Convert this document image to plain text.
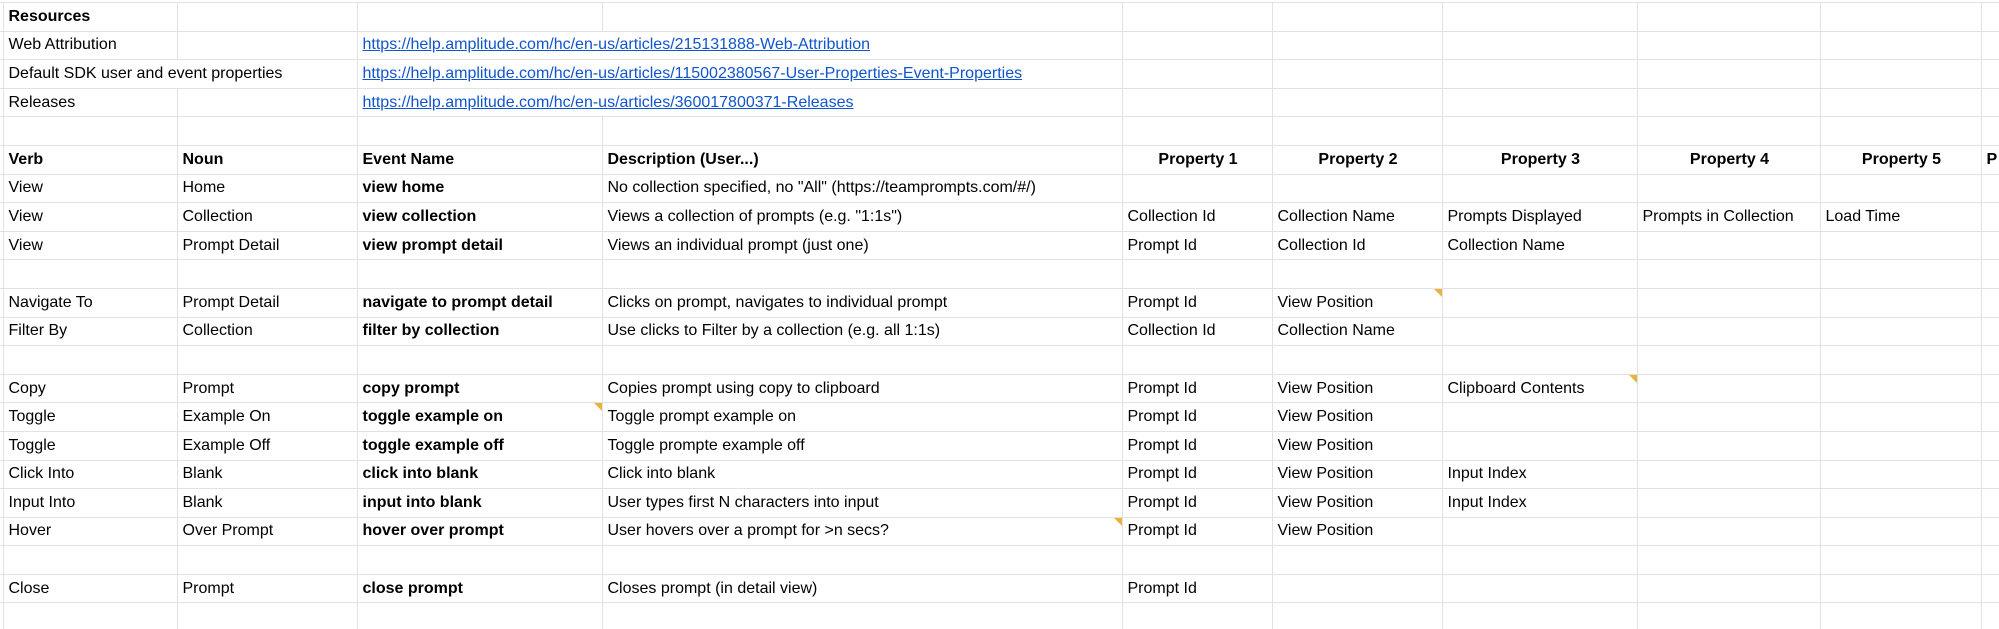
	Resources									
	Web Attribution		https://help.amplitude.com/hc/en-us/articles/215131888-Web-Attribution							
	Default SDK user and event properties		https://help.amplitude.com/hc/en-us/articles/115002380567-User-Properties-Event-Properties							
	Releases		https://help.amplitude.com/hc/en-us/articles/360017800371-Releases							

	Verb	Noun	Event Name	Description (User...)	Property 1	Property 2	Property 3	Property 4	Property 5	P
	View	Home	view home	No collection specified, no "All" (https://teamprompts.com/#/)						
	View	Collection	view collection	Views a collection of prompts (e.g. "1:1s")	Collection Id	Collection Name	Prompts Displayed	Prompts in Collection	Load Time	
	View	Prompt Detail	view prompt detail	Views an individual prompt (just one)	Prompt Id	Collection Id	Collection Name			

	Navigate To	Prompt Detail	navigate to prompt detail	Clicks on prompt, navigates to individual prompt	Prompt Id	View Position

	Filter By	Collection	filter by collection	Use clicks to Filter by a collection (e.g. all 1:1s)	Collection Id	Collection Name				

	Copy	Prompt	copy prompt	Copies prompt using copy to clipboard	Prompt Id	View Position	Clipboard Contents

	Toggle	Example On	toggle example on	Toggle prompt example on	Prompt Id	View Position				
	Toggle	Example Off	toggle example off	Toggle prompte example off	Prompt Id	View Position				
	Click Into	Blank	click into blank	Click into blank	Prompt Id	View Position	Input Index			
	Input Into	Blank	input into blank	User types first N characters into input	Prompt Id	View Position	Input Index			
	Hover	Over Prompt	hover over prompt	User hovers over a prompt for >n secs?	Prompt Id	View Position				

	Close	Prompt	close prompt	Closes prompt (in detail view)	Prompt Id					
